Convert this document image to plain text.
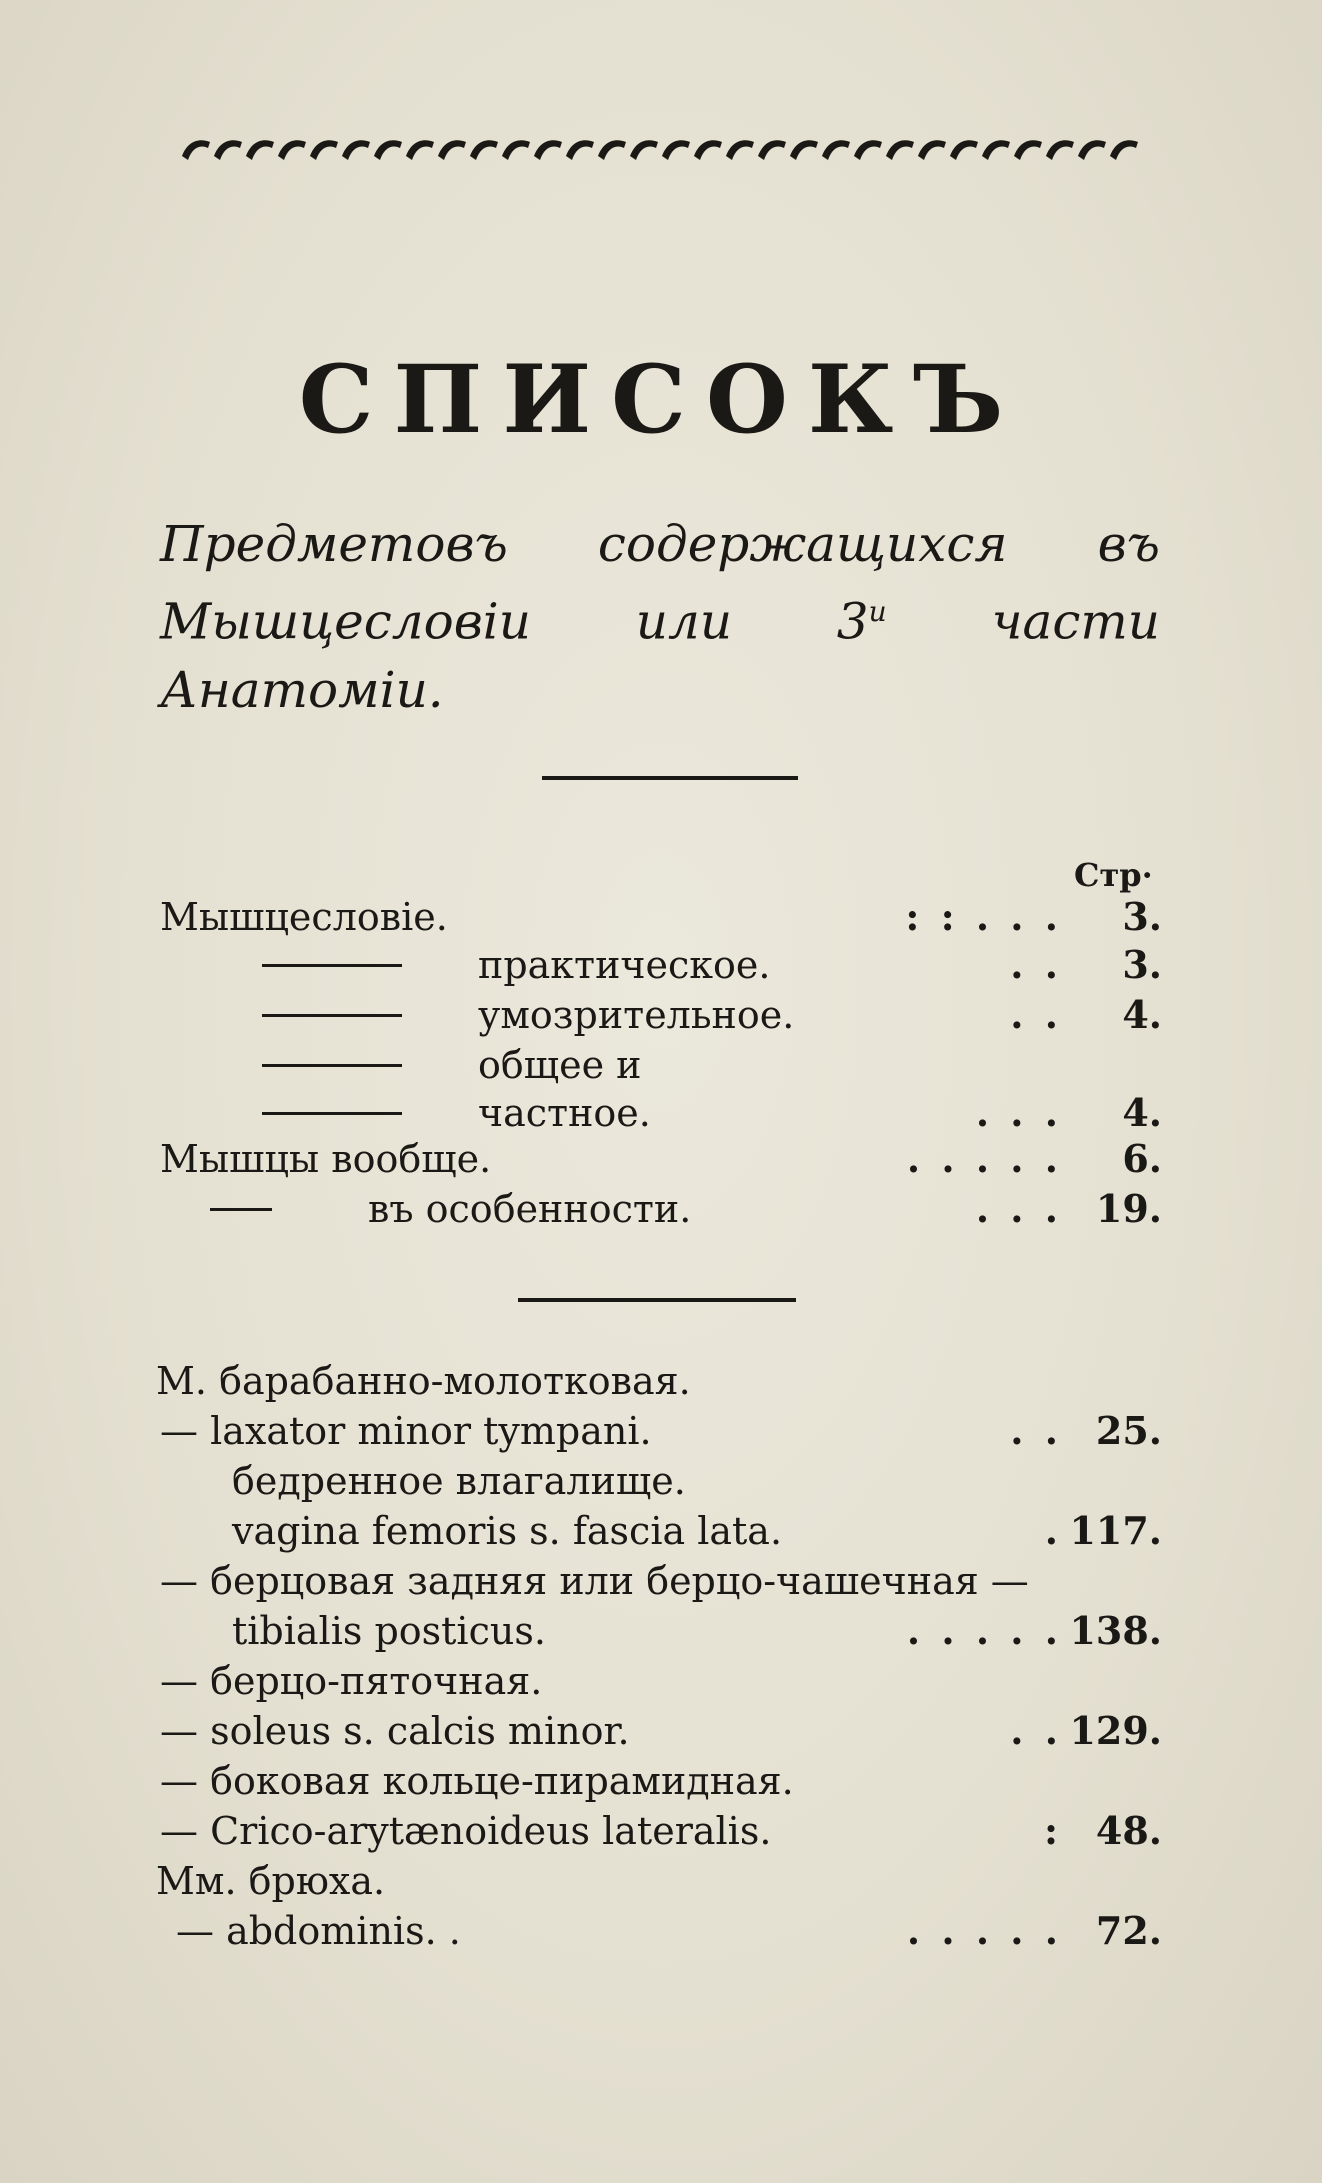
СПИСОКЪ

Предметовъ содержащихся въ Мышцесловіи или $3^и$ части Анатоміи.

Стр·
Мышцесловіе.	: : . . . 3.
практическое.	. . 3.
умозрительное.	. . 4.
общее и
частное.	. . . 4.
Мышцы вообще.	. . . . . 6.
въ особенности.	. . . 19.
М. барабанно-молотковая.
— laxator minor tympani.	. . 25.
бедренное влагалище.
vagina femoris s. fascia lata.	. 117.
— берцовая задняя или берцо-чашечная —
tibialis posticus.	. . . . . 138.
— берцо-пяточная.
— soleus s. calcis minor.	. . 129.
— боковая кольце-пирамидная.
— Crico-arytænoideus lateralis.	: 48.
Мм. брюха.
— abdominis. .	. . . . . 72.
